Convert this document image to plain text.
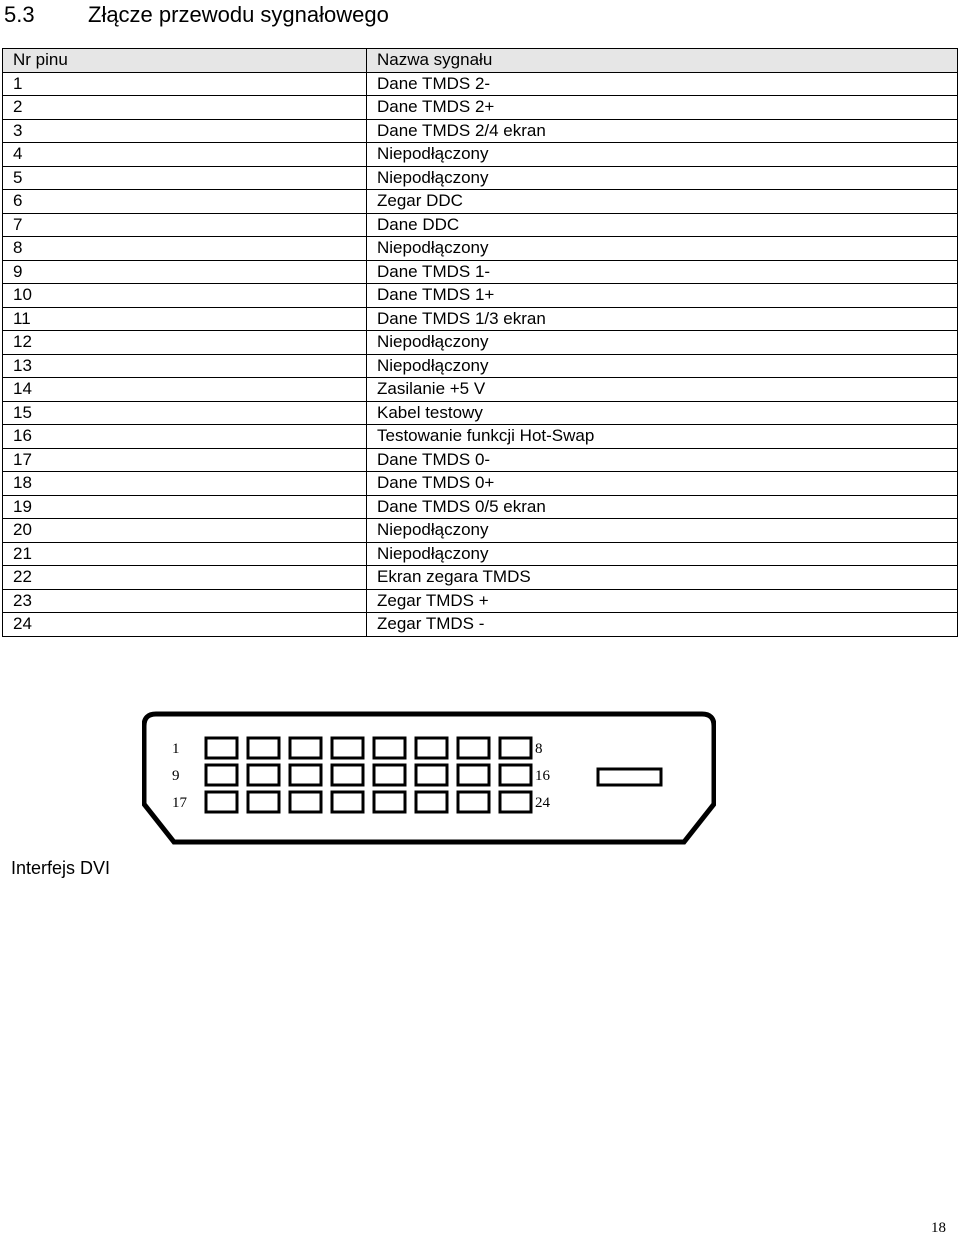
5.3 Złącze przewodu sygnałowego
Nr pinu	Nazwa sygnału
1	Dane TMDS 2-
2	Dane TMDS 2+
3	Dane TMDS 2/4 ekran
4	Niepodłączony
5	Niepodłączony
6	Zegar DDC
7	Dane DDC
8	Niepodłączony
9	Dane TMDS 1-
10	Dane TMDS 1+
11	Dane TMDS 1/3 ekran
12	Niepodłączony
13	Niepodłączony
14	Zasilanie +5 V
15	Kabel testowy
16	Testowanie funkcji Hot-Swap
17	Dane TMDS 0-
18	Dane TMDS 0+
19	Dane TMDS 0/5 ekran
20	Niepodłączony
21	Niepodłączony
22	Ekran zegara TMDS
23	Zegar TMDS +
24	Zegar TMDS -
1	8
9	16
17	24
Interfejs DVI
18
